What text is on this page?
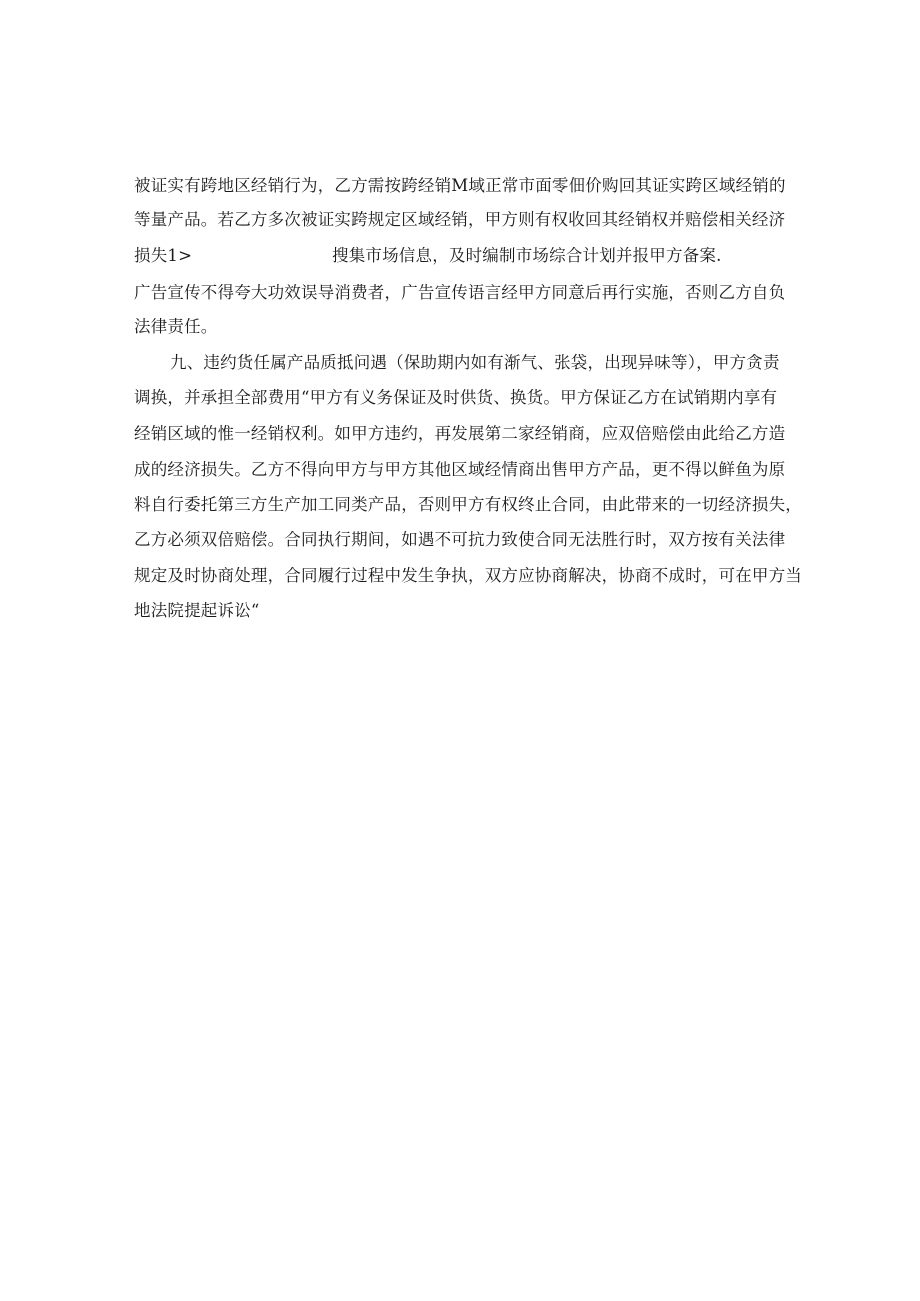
被证实有跨地区经销行为，乙方需按跨经销M域正常市面零佃价购回其证实跨区域经销的
等量产品。若乙方多次被证实跨规定区域经销，甲方则有权收回其经销权并赔偿相关经济
损失1>	搜集市场信息，及时编制市场综合计划并报甲方备案.
广告宣传不得夸大功效误导消费者，广告宣传语言经甲方同意后再行实施，否则乙方自负
法律责任。
九、违约货任属产品质抵问遇（保助期内如有渐气、张袋，出现异味等），甲方贪责
调换，并承担全部费用“甲方有义务保证及时供货、换货。甲方保证乙方在试销期内享有
经销区域的惟一经销权利。如甲方违约，再发展第二家经销商，应双倍赔偿由此给乙方造
成的经济损失。乙方不得向甲方与甲方其他区域经情商出售甲方产品，更不得以鲜鱼为原
料自行委托第三方生产加工同类产品，否则甲方有权终止合同，由此带来的一切经济损失，
乙方必须双倍赔偿。合同执行期间，如遇不可抗力致使合同无法胜行时，双方按有关法律
规定及时协商处理，合同履行过程中发生争执，双方应协商解决，协商不成时，可在甲方当
地法院提起诉讼“
